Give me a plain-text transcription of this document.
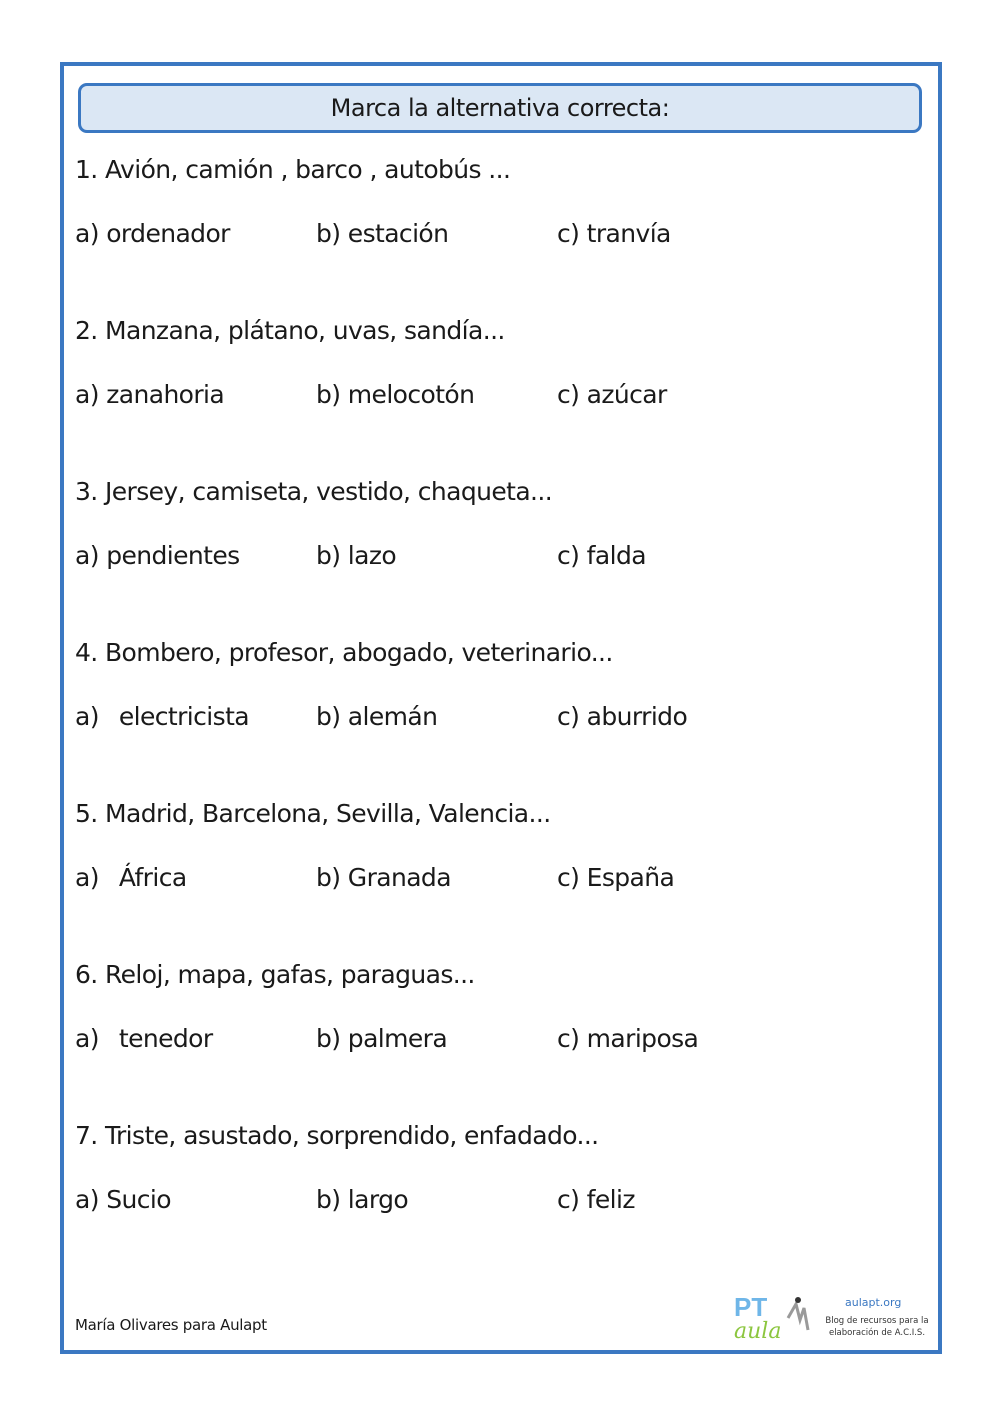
Marca la alternativa correcta:
1. Avión, camión , barco , autobús ...
a) ordenador	b) estación	c) tranvía
2. Manzana, plátano, uvas, sandía...
a) zanahoria	b) melocotón	c) azúcar
3. Jersey, camiseta, vestido, chaqueta...
a) pendientes	b) lazo	c) falda
4. Bombero, profesor, abogado, veterinario...
a) electricista	b) alemán	c) aburrido
5. Madrid, Barcelona, Sevilla, Valencia...
a) África	b) Granada	c) España
6. Reloj, mapa, gafas, paraguas...
a) tenedor	b) palmera	c) mariposa
7. Triste, asustado, sorprendido, enfadado...
a) Sucio	b) largo	c) feliz
María Olivares para Aulapt
PT
aula
aulapt.org
Blog de recursos para la elaboración de A.C.I.S.
